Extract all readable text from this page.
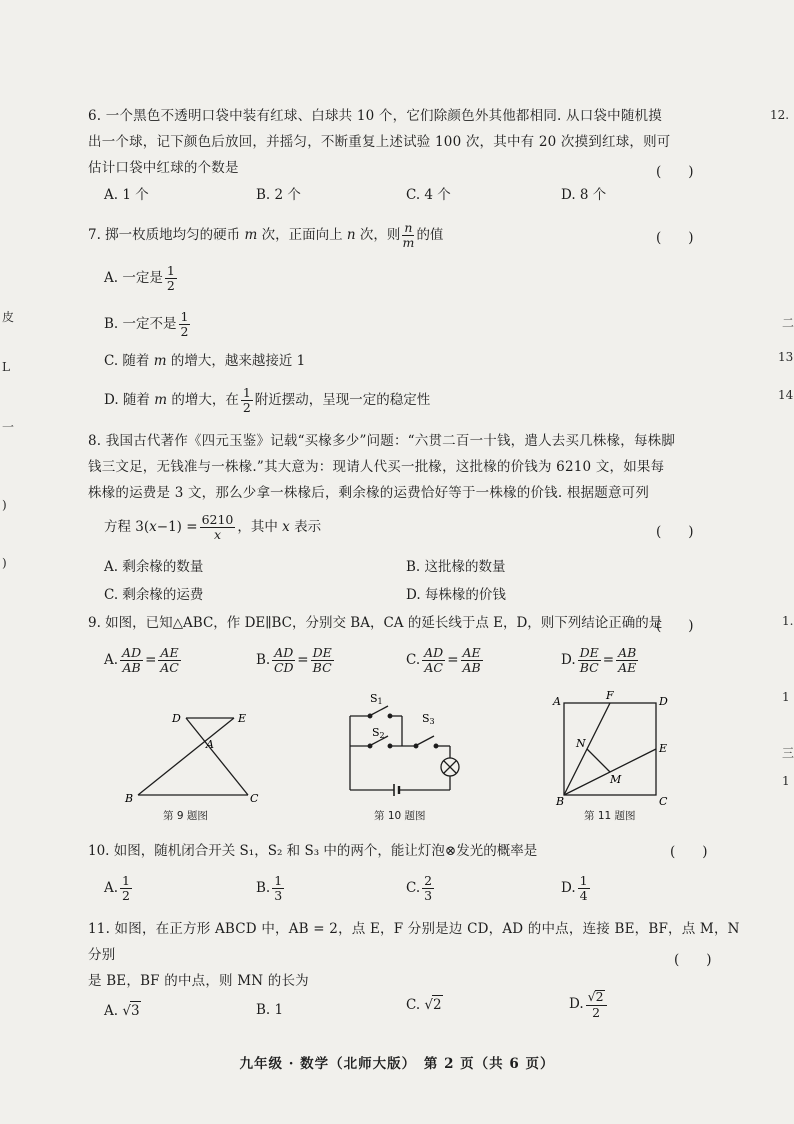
12.
皮
L
一
)
)
二
13
14
1.
1
三
1
6. 一个黑色不透明口袋中装有红球、白球共 10 个，它们除颜色外其他都相同. 从口袋中随机摸
出一个球，记下颜色后放回，并摇匀，不断重复上述试验 100 次，其中有 20 次摸到红球，则可
估计口袋中红球的个数是	(　　)
A. 1 个	B. 2 个	C. 4 个	D. 8 个
7. 掷一枚质地均匀的硬币 m 次，正面向上 n 次，则 $\frac{n}{m}$ 的值	(　　)
A. 一定是 $\frac{1}{2}$
B. 一定不是 $\frac{1}{2}$
C. 随着 m 的增大，越来越接近 1
D. 随着 m 的增大，在 $\frac{1}{2}$ 附近摆动，呈现一定的稳定性
8. 我国古代著作《四元玉鉴》记载“买椽多少”问题：“六贯二百一十钱，遣人去买几株椽，每株脚
钱三文足，无钱准与一株椽.”其大意为：现请人代买一批椽，这批椽的价钱为 6210 文，如果每
株椽的运费是 3 文，那么少拿一株椽后，剩余椽的运费恰好等于一株椽的价钱. 根据题意可列
方程 $3(x-1) = \frac{6210}{x}$ ，其中 x 表示	(　　)
A. 剩余椽的数量	B. 这批椽的数量
C. 剩余椽的运费	D. 每株椽的价钱
9. 如图，已知△ABC，作 DE∥BC，分别交 BA，CA 的延长线于点 E，D，则下列结论正确的是
(　　)
A. $\frac{AD}{AB} = \frac{AE}{AC}$	B. $\frac{AD}{CD} = \frac{DE}{BC}$	C. $\frac{AD}{AC} = \frac{AE}{AB}$	D. $\frac{DE}{BC} = \frac{AB}{AE}$
D	E
A
B	C
S1
S2
S3
A	F	D
N	E
M
B	C
第 9 题图	第 10 题图	第 11 题图
10. 如图，随机闭合开关 S₁，S₂ 和 S₃ 中的两个，能让灯泡⊗发光的概率是	(　　)
A. $\frac{1}{2}$	B. $\frac{1}{3}$	C. $\frac{2}{3}$	D. $\frac{1}{4}$
11. 如图，在正方形 ABCD 中，AB = 2，点 E，F 分别是边 CD，AD 的中点，连接 BE，BF，点 M，N 分别
是 BE，BF 的中点，则 MN 的长为
(　　)
A. √3	B. 1	C. √2	D. $\frac{√2}{2}$
九年级 · 数学（北师大版）　第 2 页（共 6 页）
